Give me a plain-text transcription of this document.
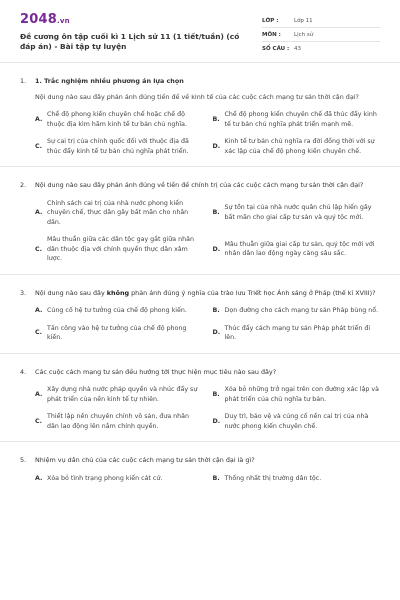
2048.vn
Đề cương ôn tập cuối kì 1 Lịch sử 11 (1 tiết/tuần) (có đáp án) - Bài tập tự luyện
LỚP :	Lớp 11
MÔN :	Lịch sử
SỐ CÂU : 43
1.	1. Trắc nghiệm nhiều phương án lựa chọn
Nội dung nào sau đây phản ánh đúng tiền đề về kinh tế của các cuộc cách mạng tư sản thời cận đại?
A.
Chế độ phong kiến chuyên chế hoặc chế độ thuộc địa kìm hãm kinh tế tư bản chủ nghĩa.
B.
Chế độ phong kiến chuyên chế đã thúc đẩy kinh tế tư bản chủ nghĩa phát triển mạnh mẽ.
C.
Sự cai trị của chính quốc đối với thuộc địa đã thúc đẩy kinh tế tư bản chủ nghĩa phát triển.
D.
Kinh tế tư bản chủ nghĩa ra đời đồng thời với sự xác lập của chế độ phong kiến chuyên chế.
2.	Nội dung nào sau đây phản ánh đúng về tiền đề chính trị của các cuộc cách mạng tư sản thời cận đại?
A.
Chính sách cai trị của nhà nước phong kiến chuyên chế, thực dân gây bất mãn cho nhân dân.
B.
Sự tồn tại của nhà nước quân chủ lập hiến gây bất mãn cho giai cấp tư sản và quý tộc mới.
C.
Mâu thuẫn giữa các dân tộc gay gắt giữa nhân dân thuộc địa với chính quyền thực dân xâm lược.
D.
Mâu thuẫn giữa giai cấp tư sản, quý tộc mới với nhân dân lao động ngày càng sâu sắc.
3.	Nội dung nào sau đây không phản ánh đúng ý nghĩa của trào lưu Triết học Ánh sáng ở Pháp (thế kỉ XVIII)?
A. Củng cố hệ tư tưởng của chế độ phong kiến.	B. Dọn đường cho cách mạng tư sản Pháp bùng nổ.
C.
Tấn công vào hệ tư tưởng của chế độ phong kiến.
D.
Thúc đẩy cách mạng tư sản Pháp phát triển đi lên.
4.	Các cuộc cách mạng tư sản đều hướng tới thực hiện mục tiêu nào sau đây?
A.
Xây dựng nhà nước pháp quyền và nhúc đẩy sự phát triển của nền kinh tế tự nhiên.
B.
Xóa bỏ những trở ngại trên con đường xác lập và phát triển của chủ nghĩa tư bản.
C.
Thiết lập nền chuyên chính vô sản, đưa nhân dân lao động lên nắm chính quyền.
D.
Duy trì, bảo vệ và củng cố nền cai trị của nhà nước phong kiến chuyên chế.
5.	Nhiệm vụ dân chủ của các cuộc cách mạng tư sản thời cận đại là gì?
A. Xóa bỏ tình trạng phong kiến cát cứ.	B. Thống nhất thị trường dân tộc.
